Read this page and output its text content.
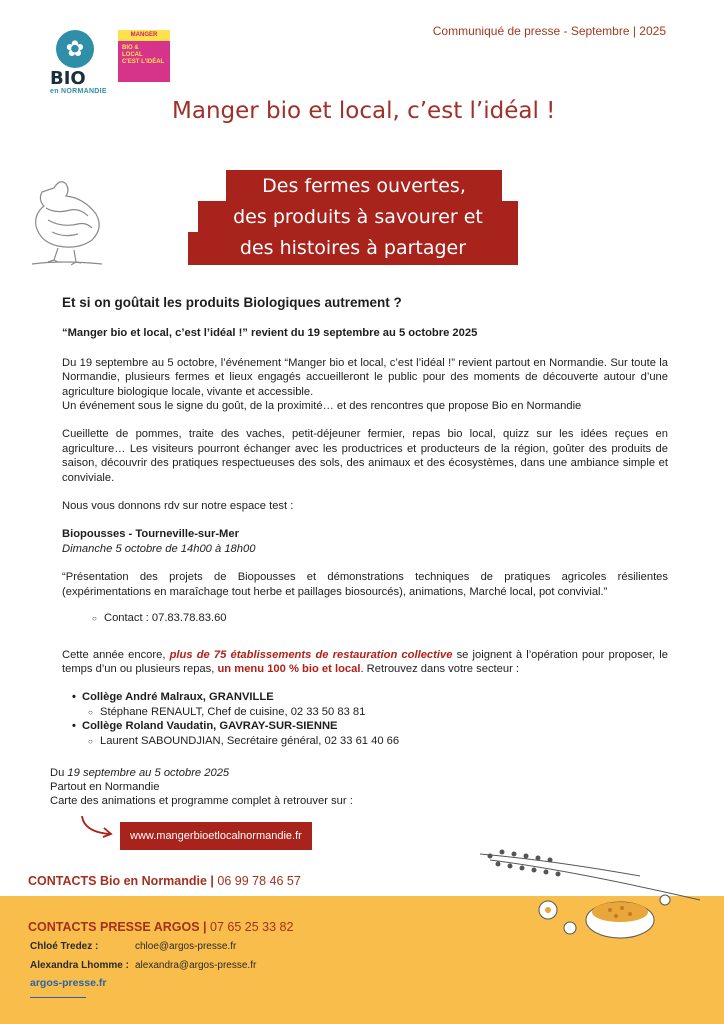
Communiqué de presse - Septembre | 2025
✿
BIO
en NORMANDIE
MANGER
BIO &
LOCAL
C'EST L'IDÉAL
Manger bio et local, c’est l’idéal !
Des fermes ouvertes,
des produits à savourer et
des histoires à partager
Et si on goûtait les produits Biologiques autrement ?
“Manger bio et local, c’est l’idéal !” revient du 19 septembre au 5 octobre 2025

Du 19 septembre au 5 octobre, l’événement “Manger bio et local, c’est l’idéal !” revient partout en Normandie. Sur toute la Normandie, plusieurs fermes et lieux engagés accueilleront le public pour des moments de découverte autour d’une agriculture biologique locale, vivante et accessible.

Un événement sous le signe du goût, de la proximité… et des rencontres que propose Bio en Normandie

Cueillette de pommes, traite des vaches, petit-déjeuner fermier, repas bio local, quizz sur les idées reçues en agriculture… Les visiteurs pourront échanger avec les productrices et producteurs de la région, goûter des produits de saison, découvrir des pratiques respectueuses des sols, des animaux et des écosystèmes, dans une ambiance simple et conviviale.

Nous vous donnons rdv sur notre espace test :

Biopousses - Tourneville-sur-Mer

Dimanche 5 octobre de 14h00 à 18h00

“Présentation des projets de Biopousses et démonstrations techniques de pratiques agricoles résilientes (expérimentations en maraîchage tout herbe et paillages biosourcés), animations, Marché local, pot convivial.”

○ Contact : 07.83.78.83.60

Cette année encore, plus de 75 établissements de restauration collective se joignent à l’opération pour proposer, le temps d’un ou plusieurs repas, un menu 100 % bio et local. Retrouvez dans votre secteur :

• Collège André Malraux, GRANVILLE
○ Stéphane RENAULT, Chef de cuisine, 02 33 50 83 81
• Collège Roland Vaudatin, GAVRAY-SUR-SIENNE
○ Laurent SABOUNDJIAN, Secrétaire général, 02 33 61 40 66
Du 19 septembre au 5 octobre 2025
Partout en Normandie
Carte des animations et programme complet à retrouver sur :
www.mangerbioetlocalnormandie.fr
CONTACTS Bio en Normandie | 06 99 78 46 57
CONTACTS PRESSE ARGOS | 07 65 25 33 82
Chloé Tredez :	chloe@argos-presse.fr
Alexandra Lhomme : alexandra@argos-presse.fr
argos-presse.fr
